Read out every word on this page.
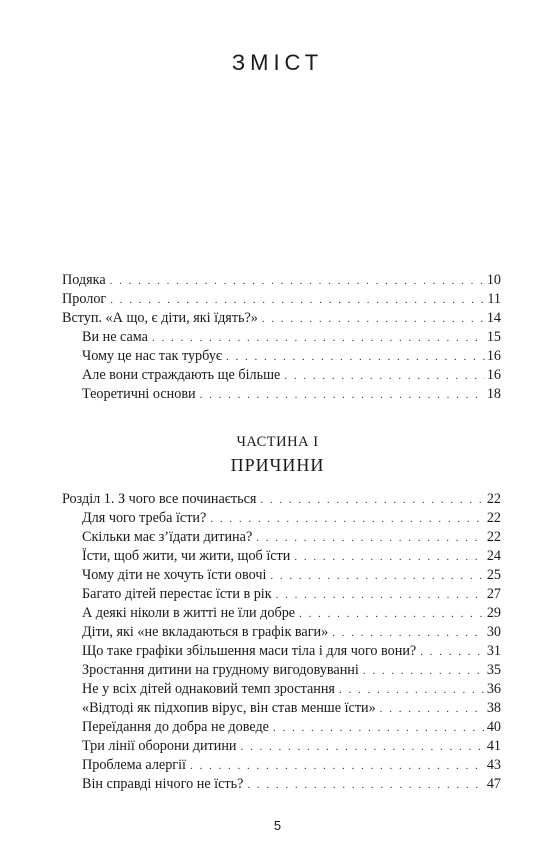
ЗМІСТ
Подяка . . .	10
Пролог . . .	11
Вступ. «А що, є діти, які їдять?» . . .	14
Ви не сама . . .	15
Чому це нас так турбує . . .	16
Але вони страждають ще більше . . .	16
Теоретичні основи . . .	18
ЧАСТИНА І
ПРИЧИНИ
Розділ 1. З чого все починається . . .	22
Для чого треба їсти? . . .	22
Скільки має з’їдати дитина? . . .	22
Їсти, щоб жити, чи жити, щоб їсти . . .	24
Чому діти не хочуть їсти овочі . . .	25
Багато дітей перестає їсти в рік . . .	27
А деякі ніколи в житті не їли добре . . .	29
Діти, які «не вкладаються в графік ваги» . . .	30
Що таке графіки збільшення маси тіла і для чого вони? . . .	31
Зростання дитини на грудному вигодовуванні . . .	35
Не у всіх дітей однаковий темп зростання . . .	36
«Відтоді як підхопив вірус, він став менше їсти» . . .	38
Переїдання до добра не доведе . . .	40
Три лінії оборони дитини . . .	41
Проблема алергії . . .	43
Він справді нічого не їсть? . . .	47
5
